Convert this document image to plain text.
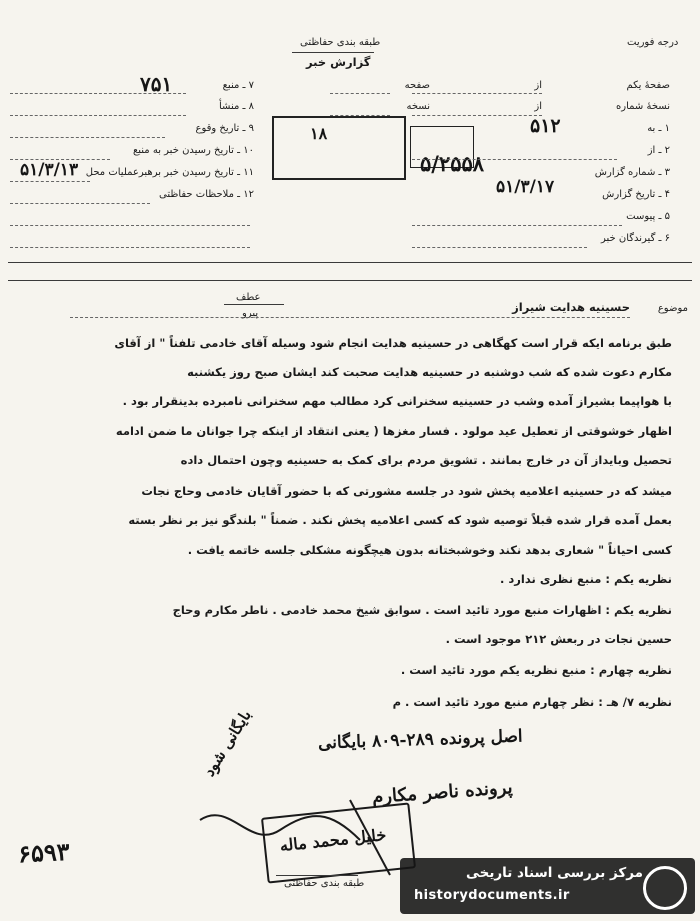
طبقه بندی حفاظتی
گزارش خبر
درجه فوریت
۷ ـ منبع
۷۵۱
۸ ـ منشأ
۹ ـ تاریخ وقوع
۱۰ ـ تاریخ رسیدن خبر به منبع
۱۱ ـ تاریخ رسیدن خبر برهبرعملیات محل
۵۱/۳/۱۳
۱۲ ـ ملاحظات حفاظتی
۱۸
صفحهٔ یکم
از
صفحه
نسخهٔ شماره
از
نسخه
۱ ـ به
۵۱۲
۲ ـ از
۳ ـ شماره گزارش
۵/۲۵۵۸
۴ ـ تاریخ گزارش
۵۱/۳/۱۷
۵ ـ پیوست
۶ ـ گیرندگان خبر
عطف
پیرو	موضوع
حسینیه هدایت شیراز
طبق برنامه ایکه قرار است کهگاهی در حسینیه هدایت انجام شود وسیله آقای خادمی تلفناً " از آقای
مکارم دعوت شده که شب دوشنبه در حسینیه هدایت صحبت کند ایشان صبح روز یکشنبه
با هواپیما بشیراز آمده وشب در حسینیه سخنرانی کرد مطالب مهم سخنرانی نامبرده بدینقرار بود .
اظهار خوشوقتی از تعطیل عید مولود . فسار مغزها ( یعنی انتقاد از اینکه چرا جوانان ما ضمن ادامه
تحصیل وبایداز آن در خارج بمانند . تشویق مردم برای کمک به حسینیه وچون احتمال داده
میشد که در حسینیه اعلامیه پخش شود در جلسه مشورتی که با حضور آقایان خادمی وحاج نجات
بعمل آمده قرار شده قبلاً توصیه شود که کسی اعلامیه پخش نکند . ضمناً " بلندگو نیز بر نظر بسته
کسی احیاناً " شعاری بدهد نکند وخوشبختانه بدون هیچگونه مشکلی جلسه خاتمه یافت .
نظریه یکم : منبع نظری ندارد .
نظریه یکم : اظهارات منبع مورد تائید است . سوابق شیخ محمد خادمی . ناطر مکارم وحاج
حسین نجات در ربعش ۲۱۲ موجود است .
نظریه چهارم : منبع نظریه یکم مورد تائید است .
نظریه ۷/ هـ : نظر چهارم منبع مورد تائید است . م
اصل پرونده ۲۸۹-۸۰۹ بایگانی
پرونده ناصر مکارم
بایگانی شود
۶۵۹۳	خلیل محمد ماله
طبقه بندی حفاظتی
مرکز بررسی اسناد تاریخی
historydocuments.ir
